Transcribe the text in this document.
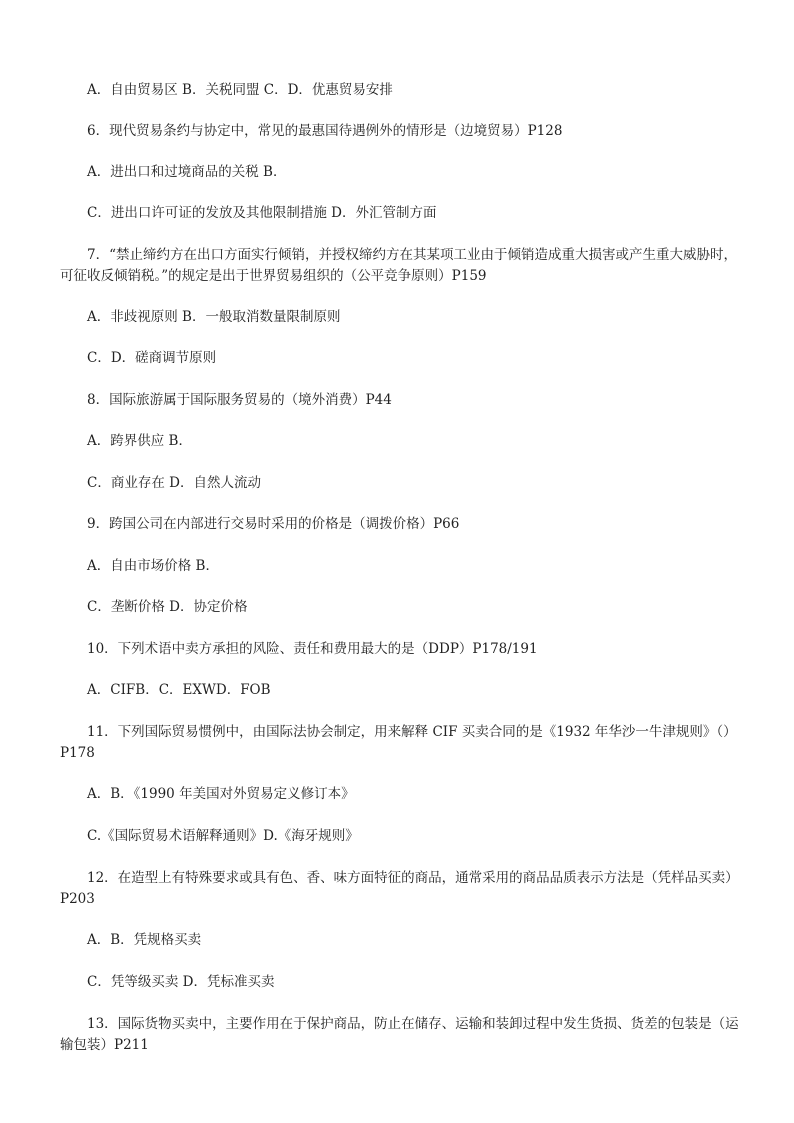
A．自由贸易区 B．关税同盟 C．D．优惠贸易安排

6．现代贸易条约与协定中，常见的最惠国待遇例外的情形是（边境贸易）P128

A．进出口和过境商品的关税 B．

C．进出口许可证的发放及其他限制措施 D．外汇管制方面

7．“禁止缔约方在出口方面实行倾销，并授权缔约方在其某项工业由于倾销造成重大损害或产生重大威胁时，可征收反倾销税。”的规定是出于世界贸易组织的（公平竞争原则）P159

A．非歧视原则 B．一般取消数量限制原则

C．D．磋商调节原则

8．国际旅游属于国际服务贸易的（境外消费）P44

A．跨界供应 B．

C．商业存在 D．自然人流动

9．跨国公司在内部进行交易时采用的价格是（调拨价格）P66

A．自由市场价格 B．

C．垄断价格 D．协定价格

10．下列术语中卖方承担的风险、责任和费用最大的是（DDP）P178/191

A．CIFB．C．EXWD．FOB

11．下列国际贸易惯例中，由国际法协会制定，用来解释 CIF 买卖合同的是《1932 年华沙一牛津规则》（）P178

A．B．《1990 年美国对外贸易定义修订本》

C.《国际贸易术语解释通则》D.《海牙规则》

12．在造型上有特殊要求或具有色、香、味方面特征的商品，通常采用的商品品质表示方法是（凭样品买卖）P203

A．B．凭规格买卖

C．凭等级买卖 D．凭标准买卖

13．国际货物买卖中，主要作用在于保护商品，防止在储存、运输和装卸过程中发生货损、货差的包装是（运输包装）P211
